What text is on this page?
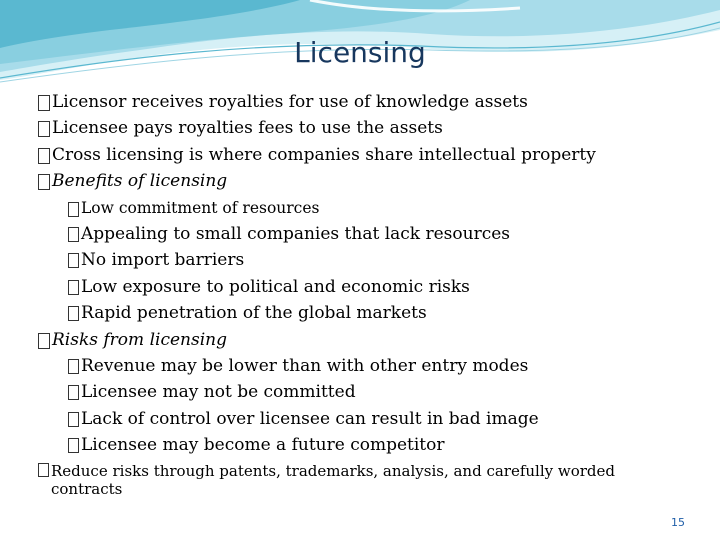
Licensing
Licensor receives royalties for use of knowledge assets
Licensee pays royalties fees to use the assets
Cross licensing is where companies share intellectual property
Benefits of licensing
Low commitment of resources
Appealing to small companies that lack resources
No import barriers
Low exposure to political and economic risks
Rapid penetration of the global markets
Risks from licensing
Revenue may be lower than with other entry modes
Licensee may not be committed
Lack of control over licensee can result in bad image
Licensee may become a future competitor
Reduce risks through patents, trademarks, analysis, and carefully worded contracts
15
